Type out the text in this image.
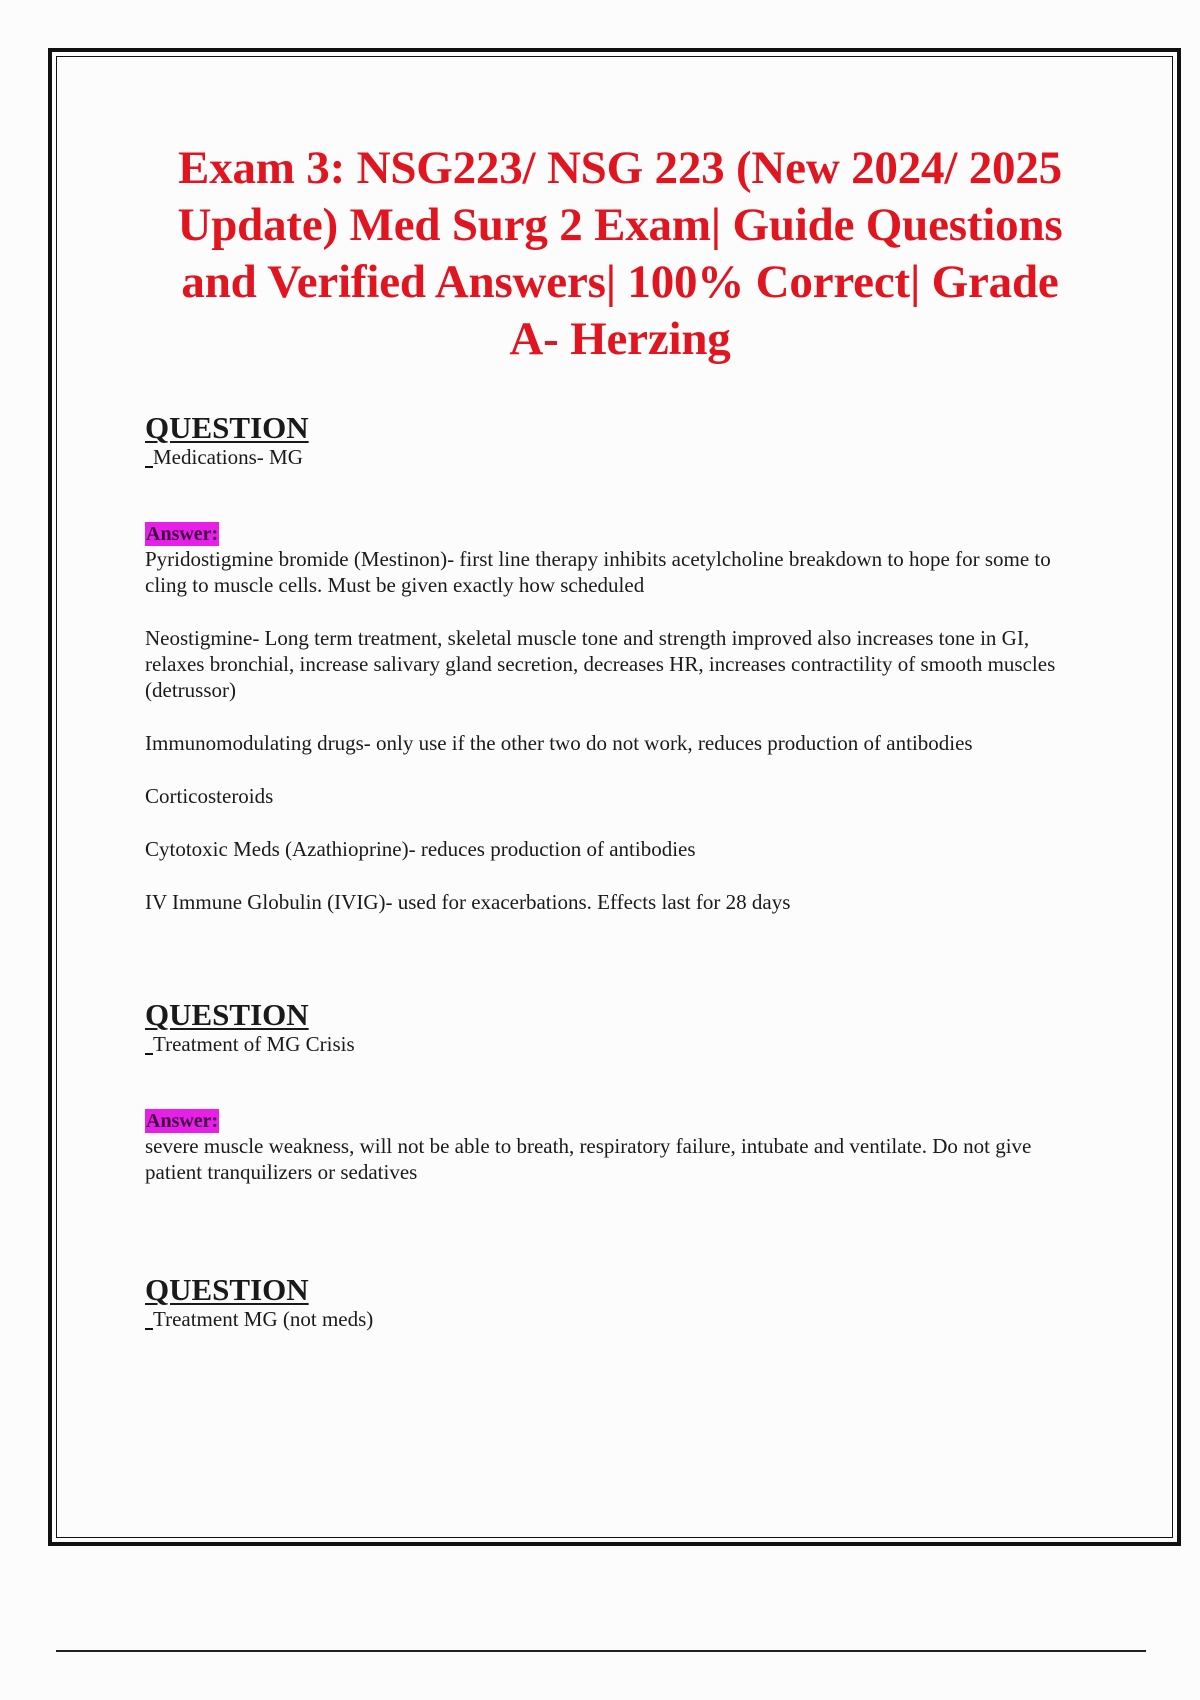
Exam 3: NSG223/ NSG 223 (New 2024/ 2025 Update) Med Surg 2 Exam| Guide Questions and Verified Answers| 100% Correct| Grade A- Herzing
QUESTION

Medications- MG

Answer:

Pyridostigmine bromide (Mestinon)- first line therapy inhibits acetylcholine breakdown to hope for some to cling to muscle cells. Must be given exactly how scheduled

Neostigmine- Long term treatment, skeletal muscle tone and strength improved also increases tone in GI, relaxes bronchial, increase salivary gland secretion, decreases HR, increases contractility of smooth muscles (detrussor)

Immunomodulating drugs- only use if the other two do not work, reduces production of antibodies

Corticosteroids

Cytotoxic Meds (Azathioprine)- reduces production of antibodies

IV Immune Globulin (IVIG)- used for exacerbations. Effects last for 28 days

QUESTION

Treatment of MG Crisis

Answer:

severe muscle weakness, will not be able to breath, respiratory failure, intubate and ventilate. Do not give patient tranquilizers or sedatives

QUESTION

Treatment MG (not meds)
